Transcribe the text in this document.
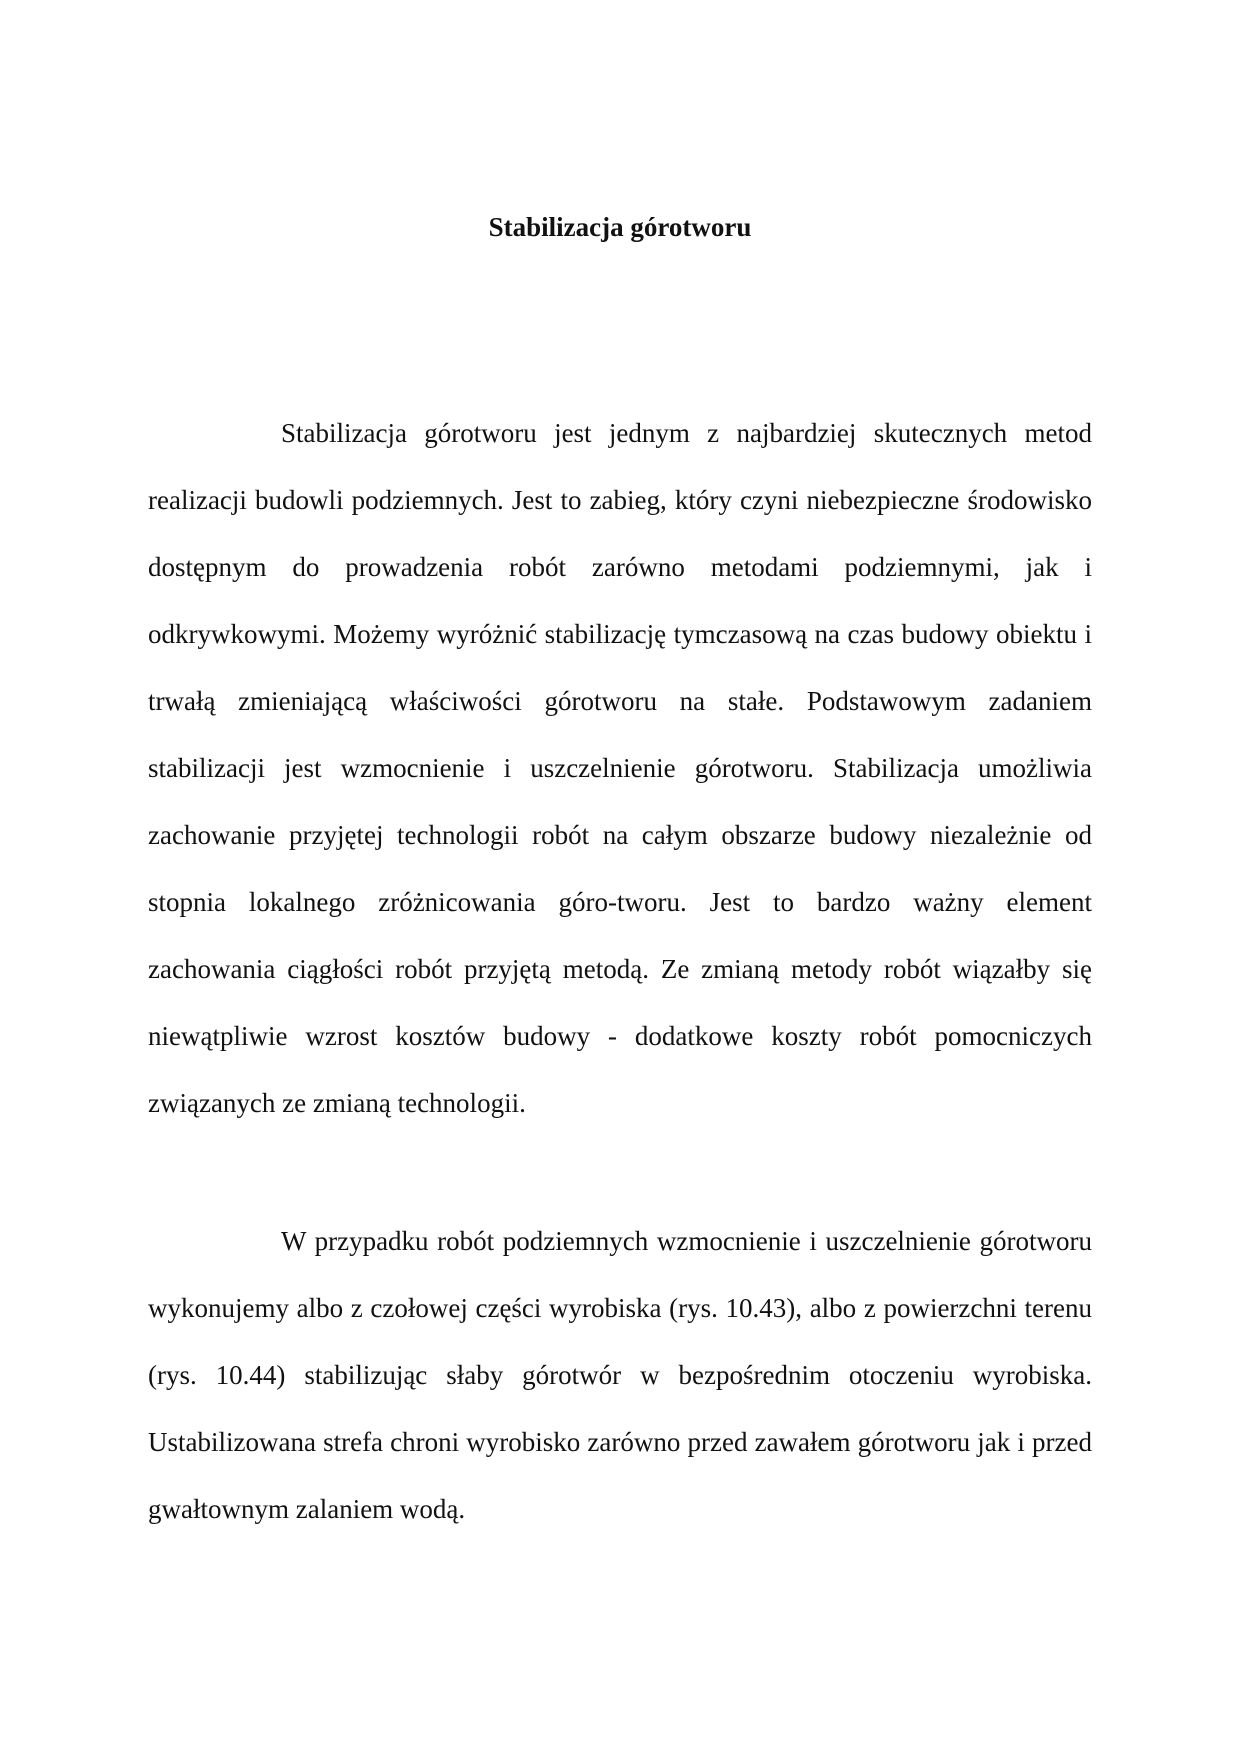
Stabilizacja górotworu

Stabilizacja górotworu jest jednym z najbardziej skutecznych metod realizacji budowli podziemnych. Jest to zabieg, który czyni niebezpieczne środowisko dostępnym do prowadzenia robót zarówno metodami podziemnymi, jak i odkrywkowymi. Możemy wyróżnić stabilizację tymczasową na czas budowy obiektu i trwałą zmieniającą właściwości górotworu na stałe. Podstawowym zadaniem stabilizacji jest wzmocnienie i uszczelnienie górotworu. Stabilizacja umożliwia zachowanie przyjętej technologii robót na całym obszarze budowy niezależnie od stopnia lokalnego zróżnicowania góro-tworu. Jest to bardzo ważny element zachowania ciągłości robót przyjętą metodą. Ze zmianą metody robót wiązałby się niewątpliwie wzrost kosztów budowy - dodatkowe koszty robót pomocniczych związanych ze zmianą technologii.

W przypadku robót podziemnych wzmocnienie i uszczelnienie górotworu wykonujemy albo z czołowej części wyrobiska (rys. 10.43), albo z powierzchni terenu (rys. 10.44) stabilizując słaby górotwór w bezpośrednim otoczeniu wyrobiska. Ustabilizowana strefa chroni wyrobisko zarówno przed zawałem górotworu jak i przed gwałtownym zalaniem wodą.
